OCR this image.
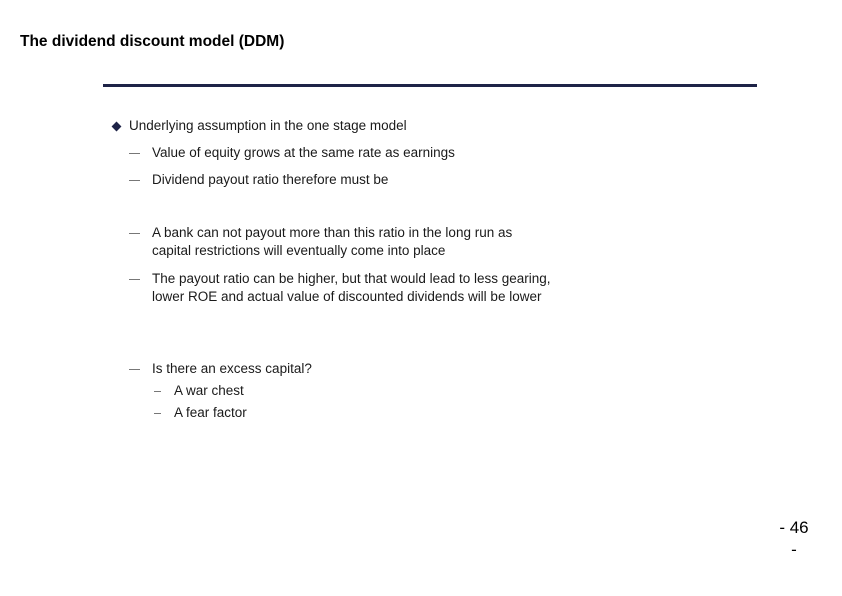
The dividend discount model (DDM)
Underlying assumption in the one stage model
Value of equity grows at the same rate as earnings
Dividend payout ratio therefore must be
A bank can not payout more than this ratio in the long run as capital restrictions will eventually come into place
The payout ratio can be higher, but that would lead to less gearing, lower ROE and actual value of discounted dividends will be lower
Is there an excess capital?
A war chest
A fear factor
- 46
-
